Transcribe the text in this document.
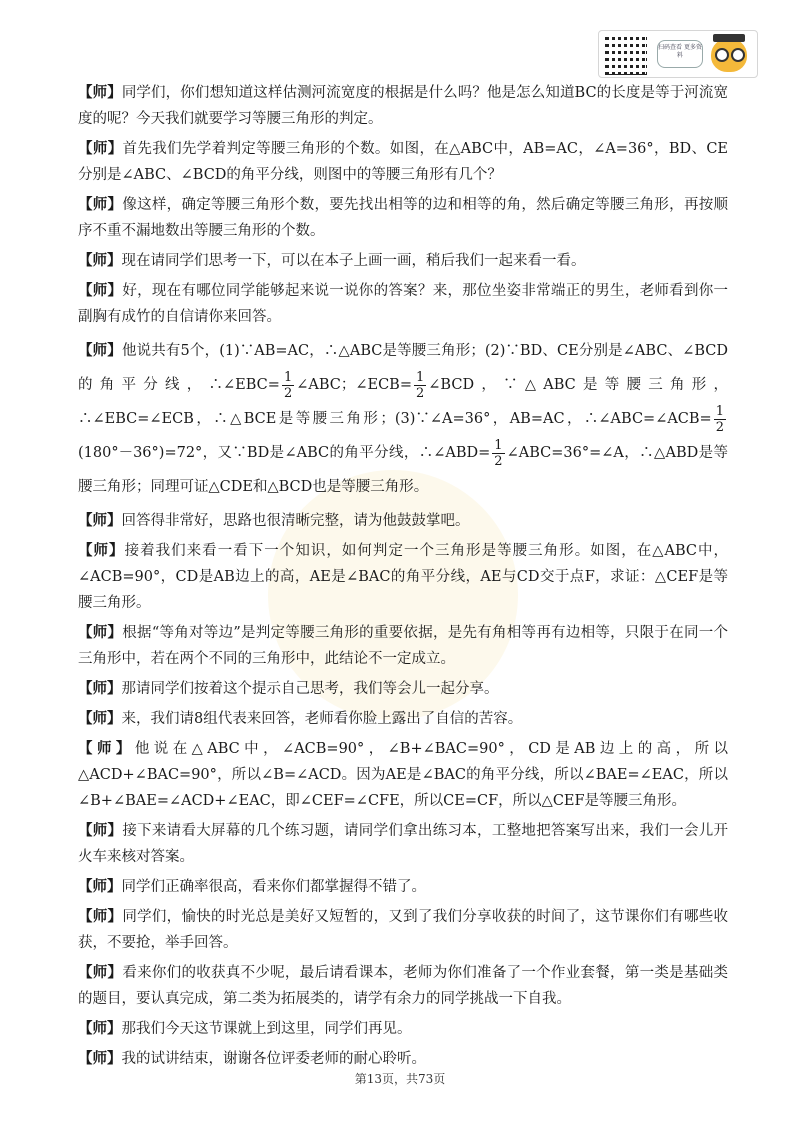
扫码查看 更多资料

【师】同学们，你们想知道这样估测河流宽度的根据是什么吗？他是怎么知道BC的长度是等于河流宽度的呢？今天我们就要学习等腰三角形的判定。

【师】首先我们先学着判定等腰三角形的个数。如图，在△ABC中，AB=AC，∠A=36°，BD、CE分别是∠ABC、∠BCD的角平分线，则图中的等腰三角形有几个？

【师】像这样，确定等腰三角形个数，要先找出相等的边和相等的角，然后确定等腰三角形，再按顺序不重不漏地数出等腰三角形的个数。

【师】现在请同学们思考一下，可以在本子上画一画，稍后我们一起来看一看。

【师】好，现在有哪位同学能够起来说一说你的答案？来，那位坐姿非常端正的男生，老师看到你一副胸有成竹的自信请你来回答。

【师】他说共有5个，(1)∵AB=AC，∴△ABC是等腰三角形；(2)∵BD、CE分别是∠ABC、∠BCD的角平分线，∴∠EBC= $\frac{1}{2}$ ∠ABC；∠ECB= $\frac{1}{2}$ ∠BCD，∵△ABC是等腰三角形，∴∠EBC=∠ECB，∴△BCE是等腰三角形；(3)∵∠A=36°，AB=AC，∴∠ABC=∠ACB= $\frac{1}{2}$
(180°－36°)=72°，又∵BD是∠ABC的角平分线，∴∠ABD= $\frac{1}{2}$ ∠ABC=36°=∠A，∴△ABD是等腰三角形；同理可证△CDE和△BCD也是等腰三角形。

【师】回答得非常好，思路也很清晰完整，请为他鼓鼓掌吧。

【师】接着我们来看一看下一个知识，如何判定一个三角形是等腰三角形。如图，在△ABC中，∠ACB=90°，CD是AB边上的高，AE是∠BAC的角平分线，AE与CD交于点F，求证：△CEF是等腰三角形。

【师】根据“等角对等边”是判定等腰三角形的重要依据，是先有角相等再有边相等，只限于在同一个三角形中，若在两个不同的三角形中，此结论不一定成立。

【师】那请同学们按着这个提示自己思考，我们等会儿一起分享。

【师】来，我们请8组代表来回答，老师看你脸上露出了自信的苦容。

【师】他说在△ABC中，∠ACB=90°，∠B+∠BAC=90°，CD是AB边上的高，所以△ACD+∠BAC=90°，所以∠B=∠ACD。因为AE是∠BAC的角平分线，所以∠BAE=∠EAC，所以∠B+∠BAE=∠ACD+∠EAC，即∠CEF=∠CFE，所以CE=CF，所以△CEF是等腰三角形。

【师】接下来请看大屏幕的几个练习题，请同学们拿出练习本，工整地把答案写出来，我们一会儿开火车来核对答案。

【师】同学们正确率很高，看来你们都掌握得不错了。

【师】同学们，愉快的时光总是美好又短暂的，又到了我们分享收获的时间了，这节课你们有哪些收获，不要抢，举手回答。

【师】看来你们的收获真不少呢，最后请看课本，老师为你们准备了一个作业套餐，第一类是基础类的题目，要认真完成，第二类为拓展类的，请学有余力的同学挑战一下自我。

【师】那我们今天这节课就上到这里，同学们再见。

【师】我的试讲结束，谢谢各位评委老师的耐心聆听。

第13页，共73页
